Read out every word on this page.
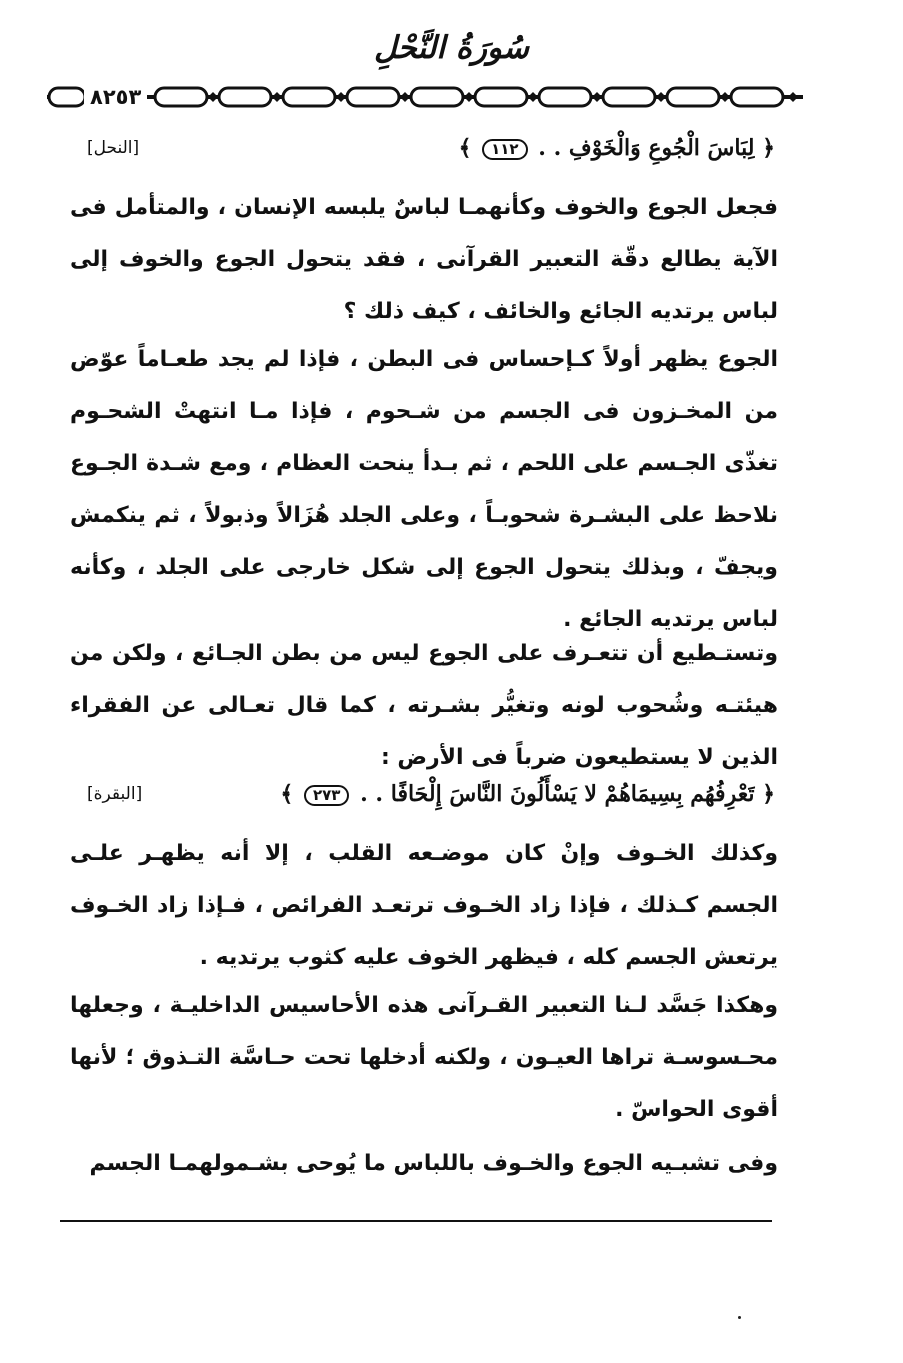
سُورَةُ النَّحْلِ
٨٢٥٣
﴿ لِبَاسَ الْجُوعِ وَالْخَوْفِ . . ١١٢ ﴾
[النحل]

فجعل الجوع والخوف وكأنهمـا لباسٌ يلبسه الإنسان ، والمتأمل فى الآية يطالع دقّة التعبير القرآنى ، فقد يتحول الجوع والخوف إلى لباس يرتديه الجائع والخائف ، كيف ذلك ؟

الجوع يظهر أولاً كـإحساس فى البطن ، فإذا لم يجد طعـاماً عوّض من المخـزون فى الجسم من شـحوم ، فإذا مـا انتهتْ الشحـوم تغذّى الجـسم على اللحم ، ثم بـدأ ينحت العظام ، ومع شـدة الجـوع نلاحظ على البشـرة شحوبـاً ، وعلى الجلد هُزَالاً وذبولاً ، ثم ينكمش ويجفّ ، وبذلك يتحول الجوع إلى شكل خارجى على الجلد ، وكأنه لباس يرتديه الجائع .

وتستـطيع أن تتعـرف على الجوع ليس من بطن الجـائع ، ولكن من هيئتـه وشُحوب لونه وتغيُّر بشـرته ، كما قال تعـالى عن الفقراء الذين لا يستطيعون ضرباً فى الأرض :

﴿ تَعْرِفُهُم بِسِيمَاهُمْ لا يَسْأَلُونَ النَّاسَ إِلْحَافًا . . ٢٧٣ ﴾
[البقرة]

وكذلك الخـوف وإنْ كان موضـعه القلب ، إلا أنه يظهـر علـى الجسم كـذلك ، فإذا زاد الخـوف ترتعـد الفرائص ، فـإذا زاد الخـوف يرتعش الجسم كله ، فيظهر الخوف عليه كثوب يرتديه .

وهكذا جَسَّد لـنا التعبير القـرآنى هذه الأحاسيس الداخليـة ، وجعلها محـسوسـة تراها العيـون ، ولكنه أدخلها تحت حـاسَّة التـذوق ؛ لأنها أقوى الحواسّ .

وفى تشبـيه الجوع والخـوف باللباس ما يُوحى بشـمولهمـا الجسم
